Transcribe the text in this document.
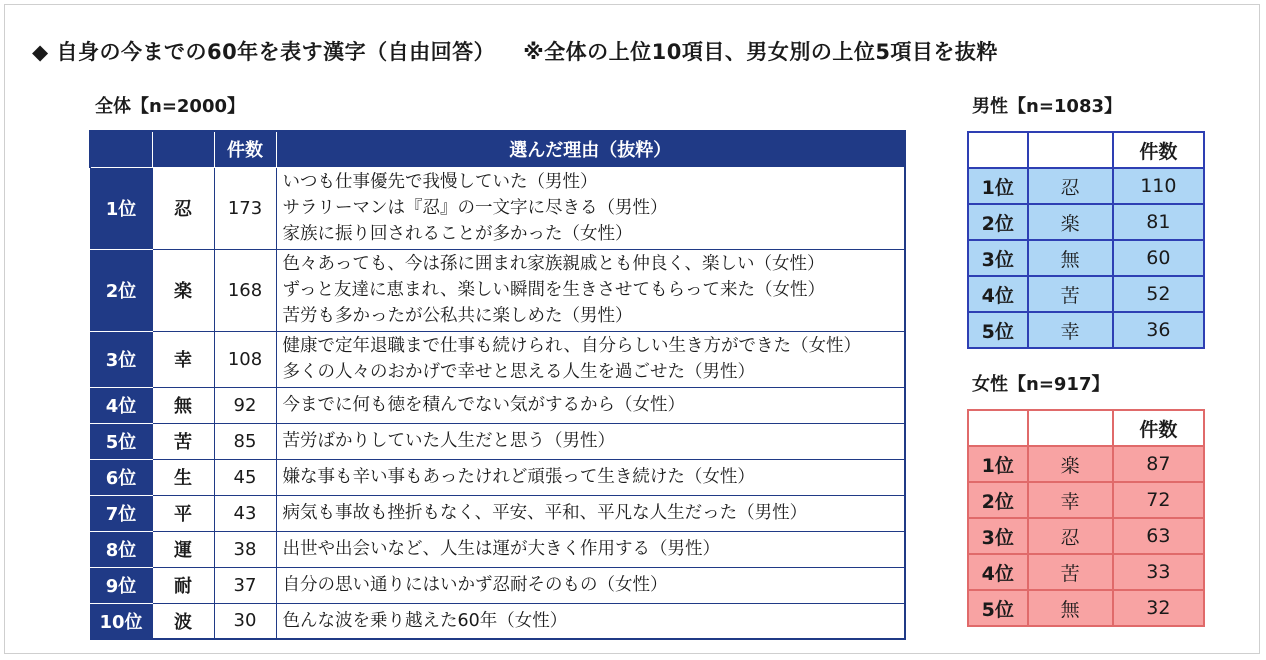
◆ 自身の今までの60年を表す漢字（自由回答） ※全体の上位10項目、男女別の上位5項目を抜粋
全体【n=2000】	男性【n=1083】
女性【n=917】
		件数	選んだ理由（抜粋）
1位	忍	173	いつも仕事優先で我慢していた（男性）
サラリーマンは『忍』の一文字に尽きる（男性）
家族に振り回されることが多かった（女性）

2位	楽	168	色々あっても、今は孫に囲まれ家族親戚とも仲良く、楽しい（女性）
ずっと友達に恵まれ、楽しい瞬間を生きさせてもらって来た（女性）
苦労も多かったが公私共に楽しめた（男性）

3位	幸	108	健康で定年退職まで仕事も続けられ、自分らしい生き方ができた（女性）
多くの人々のおかげで幸せと思える人生を過ごせた（男性）

4位	無	92	今までに何も徳を積んでない気がするから（女性）

5位	苦	85	苦労ばかりしていた人生だと思う（男性）

6位	生	45	嫌な事も辛い事もあったけれど頑張って生き続けた（女性）

7位	平	43	病気も事故も挫折もなく、平安、平和、平凡な人生だった（男性）

8位	運	38	出世や出会いなど、人生は運が大きく作用する（男性）

9位	耐	37	自分の思い通りにはいかず忍耐そのもの（女性）

10位	波	30	色んな波を乗り越えた60年（女性）
		件数
1位	忍	110
2位	楽	81
3位	無	60
4位	苦	52
5位	幸	36
		件数
1位	楽	87
2位	幸	72
3位	忍	63
4位	苦	33
5位	無	32
